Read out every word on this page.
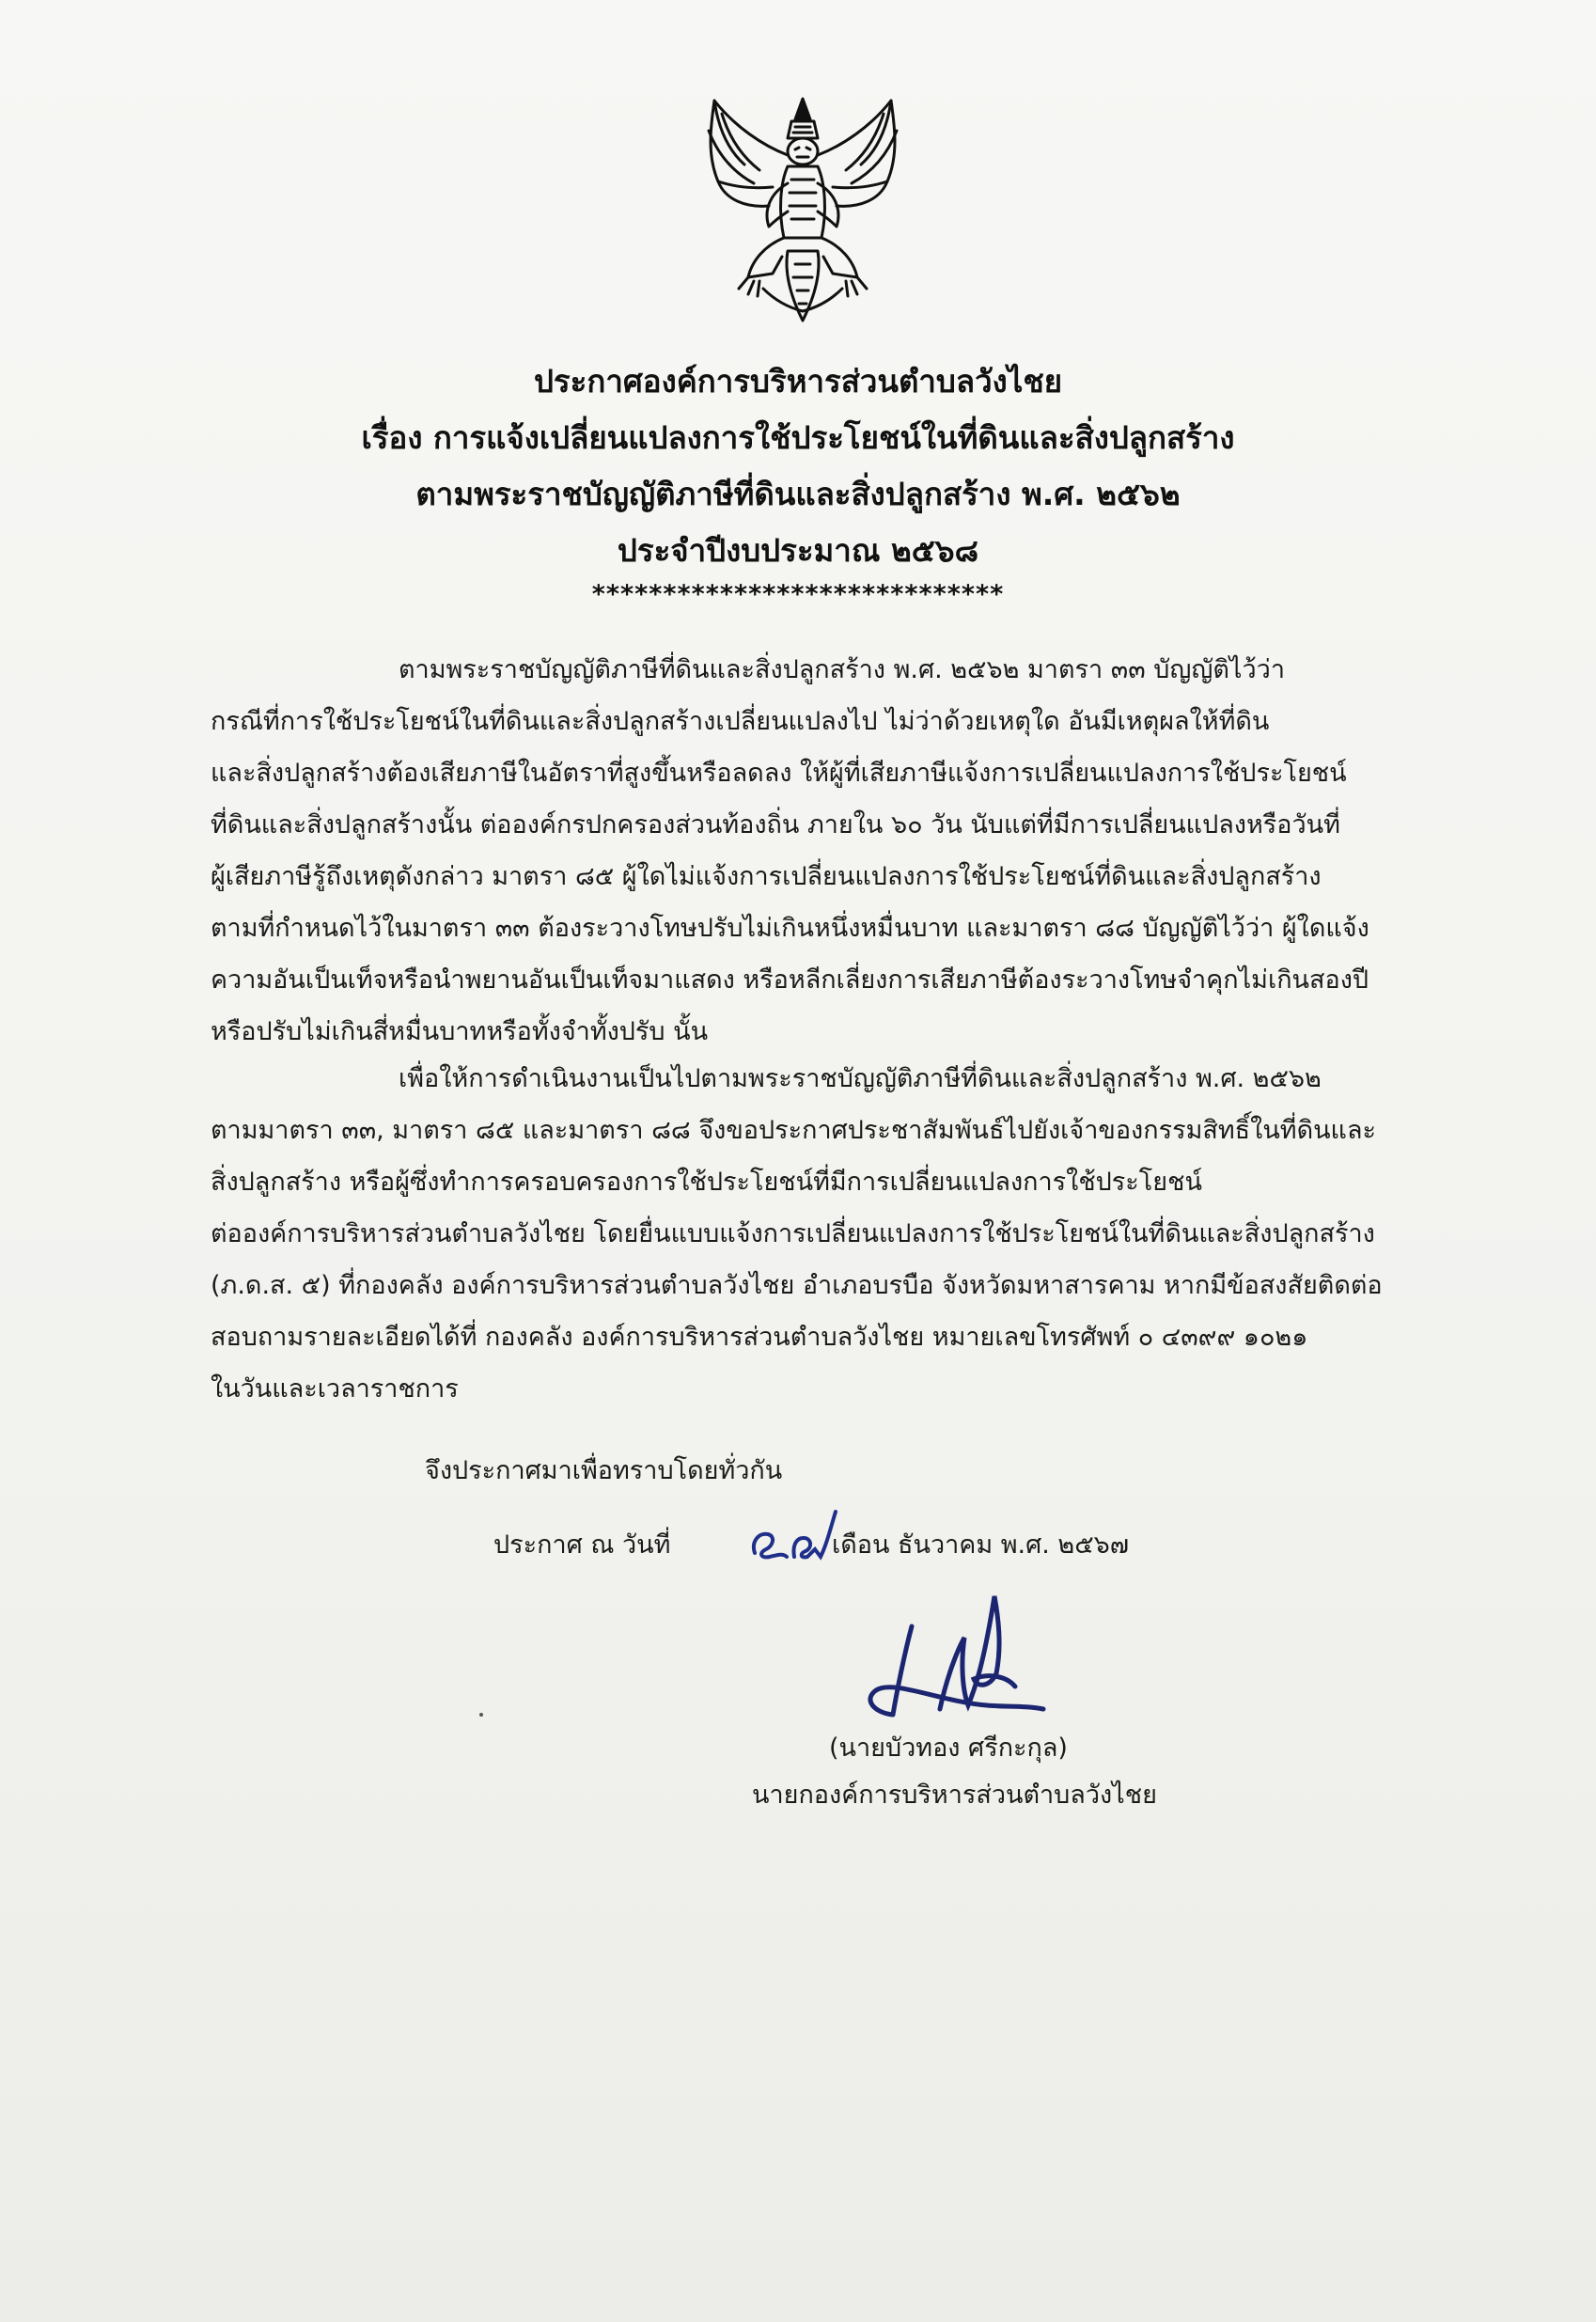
ประกาศองค์การบริหารส่วนตำบลวังไชย
เรื่อง การแจ้งเปลี่ยนแปลงการใช้ประโยชน์ในที่ดินและสิ่งปลูกสร้าง
ตามพระราชบัญญัติภาษีที่ดินและสิ่งปลูกสร้าง พ.ศ. ๒๕๖๒
ประจำปีงบประมาณ ๒๕๖๘
*****************************
ตามพระราชบัญญัติภาษีที่ดินและสิ่งปลูกสร้าง พ.ศ. ๒๕๖๒ มาตรา ๓๓ บัญญัติไว้ว่า
กรณีที่การใช้ประโยชน์ในที่ดินและสิ่งปลูกสร้างเปลี่ยนแปลงไป ไม่ว่าด้วยเหตุใด อันมีเหตุผลให้ที่ดิน
และสิ่งปลูกสร้างต้องเสียภาษีในอัตราที่สูงขึ้นหรือลดลง ให้ผู้ที่เสียภาษีแจ้งการเปลี่ยนแปลงการใช้ประโยชน์
ที่ดินและสิ่งปลูกสร้างนั้น ต่อองค์กรปกครองส่วนท้องถิ่น ภายใน ๖๐ วัน นับแต่ที่มีการเปลี่ยนแปลงหรือวันที่
ผู้เสียภาษีรู้ถึงเหตุดังกล่าว มาตรา ๘๕ ผู้ใดไม่แจ้งการเปลี่ยนแปลงการใช้ประโยชน์ที่ดินและสิ่งปลูกสร้าง
ตามที่กำหนดไว้ในมาตรา ๓๓ ต้องระวางโทษปรับไม่เกินหนึ่งหมื่นบาท และมาตรา ๘๘ บัญญัติไว้ว่า ผู้ใดแจ้ง
ความอันเป็นเท็จหรือนำพยานอันเป็นเท็จมาแสดง หรือหลีกเลี่ยงการเสียภาษีต้องระวางโทษจำคุกไม่เกินสองปี
หรือปรับไม่เกินสี่หมื่นบาทหรือทั้งจำทั้งปรับ นั้น
เพื่อให้การดำเนินงานเป็นไปตามพระราชบัญญัติภาษีที่ดินและสิ่งปลูกสร้าง พ.ศ. ๒๕๖๒
ตามมาตรา ๓๓, มาตรา ๘๕ และมาตรา ๘๘ จึงขอประกาศประชาสัมพันธ์ไปยังเจ้าของกรรมสิทธิ์ในที่ดินและ
สิ่งปลูกสร้าง หรือผู้ซึ่งทำการครอบครองการใช้ประโยชน์ที่มีการเปลี่ยนแปลงการใช้ประโยชน์
ต่อองค์การบริหารส่วนตำบลวังไชย โดยยื่นแบบแจ้งการเปลี่ยนแปลงการใช้ประโยชน์ในที่ดินและสิ่งปลูกสร้าง
(ภ.ด.ส. ๕) ที่กองคลัง องค์การบริหารส่วนตำบลวังไชย อำเภอบรบือ จังหวัดมหาสารคาม หากมีข้อสงสัยติดต่อ
สอบถามรายละเอียดได้ที่ กองคลัง องค์การบริหารส่วนตำบลวังไชย หมายเลขโทรศัพท์ ๐ ๔๓๙๙ ๑๐๒๑
ในวันและเวลาราชการ
จึงประกาศมาเพื่อทราบโดยทั่วกัน
ประกาศ ณ วันที่	เดือน ธันวาคม พ.ศ. ๒๕๖๗
(นายบัวทอง ศรีกะกุล)
นายกองค์การบริหารส่วนตำบลวังไชย
